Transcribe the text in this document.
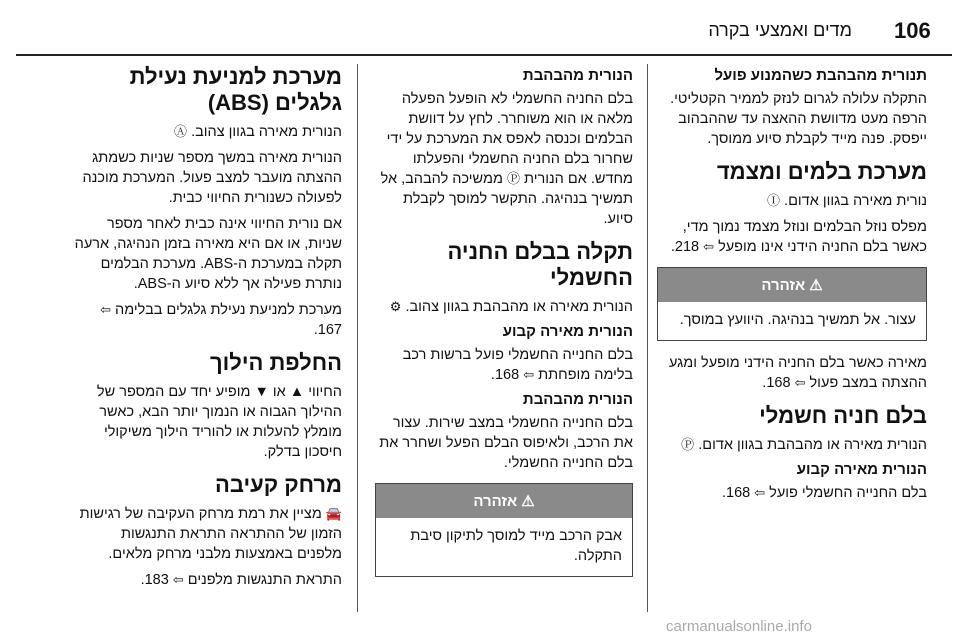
106
מדים ואמצעי בקרה
תנורית מהבהבת כשהמנוע פועל
התקלה עלולה לגרום לנזק לממיר הקטליטי. הרפה מעט מדוושת ההאצה עד שההבהוב ייפסק. פנה מייד לקבלת סיוע ממוסך.
מערכת בלמים ומצמד
נורית מאירה בגוון אדום. Ⓘ
מפלס נוזל הבלמים ונוזל מצמד נמוך מדי, כאשר בלם החניה הידני אינו מופעל ⇦ 218.
⚠אזהרה
עצור. אל תמשיך בנהיגה. היוועץ במוסך.
מאירה כאשר בלם החניה הידני מופעל ומגע ההצתה במצב פעול ⇦ 168.
בלם חניה חשמלי
הנורית מאירה או מהבהבת בגוון אדום. Ⓟ
הנורית מאירה קבוע
בלם החנייה החשמלי פועל ⇦ 168.
הנורית מהבהבת
בלם החניה החשמלי לא הופעל הפעלה מלאה או הוא משוחרר. לחץ על דוושת הבלמים וכנסה לאפס את המערכת על ידי שחרור בלם החניה החשמלי והפעלתו מחדש. אם הנורית Ⓟ ממשיכה להבהב, אל תמשיך בנהיגה. התקשר למוסך לקבלת סיוע.
תקלה בבלם החניה החשמלי
הנורית מאירה או מהבהבת בגוון צהוב. ⚙
הנורית מאירה קבוע
בלם החנייה החשמלי פועל ברשות רכב בלימה מופחתת ⇦ 168.
הנורית מהבהבת
בלם החנייה החשמלי במצב שירות. עצור את הרכב, ולאיפוס הבלם הפעל ושחרר את בלם החנייה החשמלי.
⚠אזהרה
אבק הרכב מייד למוסך לתיקון סיבת התקלה.
מערכת למניעת נעילת גלגלים (ABS)
הנורית מאירה בגוון צהוב. Ⓐ
הנורית מאירה במשך מספר שניות כשמתג ההצתה מועבר למצב פעול. המערכת מוכנה לפעולה כשנורית החיווי כבית.
אם נורית החיווי אינה כבית לאחר מספר שניות, או אם היא מאירה בזמן הנהיגה, ארעה תקלה במערכת ה-ABS. מערכת הבלמים נותרת פעילה אך ללא סיוע ה-ABS.
מערכת למניעת נעילת גלגלים בבלימה ⇦ 167.
החלפת הילוך
החיווי ▲ או ▼ מופיע יחד עם המספר של ההילוך הגבוה או הנמוך יותר הבא, כאשר מומלץ להעלות או להוריד הילוך משיקולי חיסכון בדלק.
מרחק קעיבה
🚘 מציין את רמת מרחק העקיבה של רגישות הזמון של ההתראה התראת התנגשות מלפנים באמצעות מלבני מרחק מלאים.
התראת התנגשות מלפנים ⇦ 183.
carmanualsonline.info
